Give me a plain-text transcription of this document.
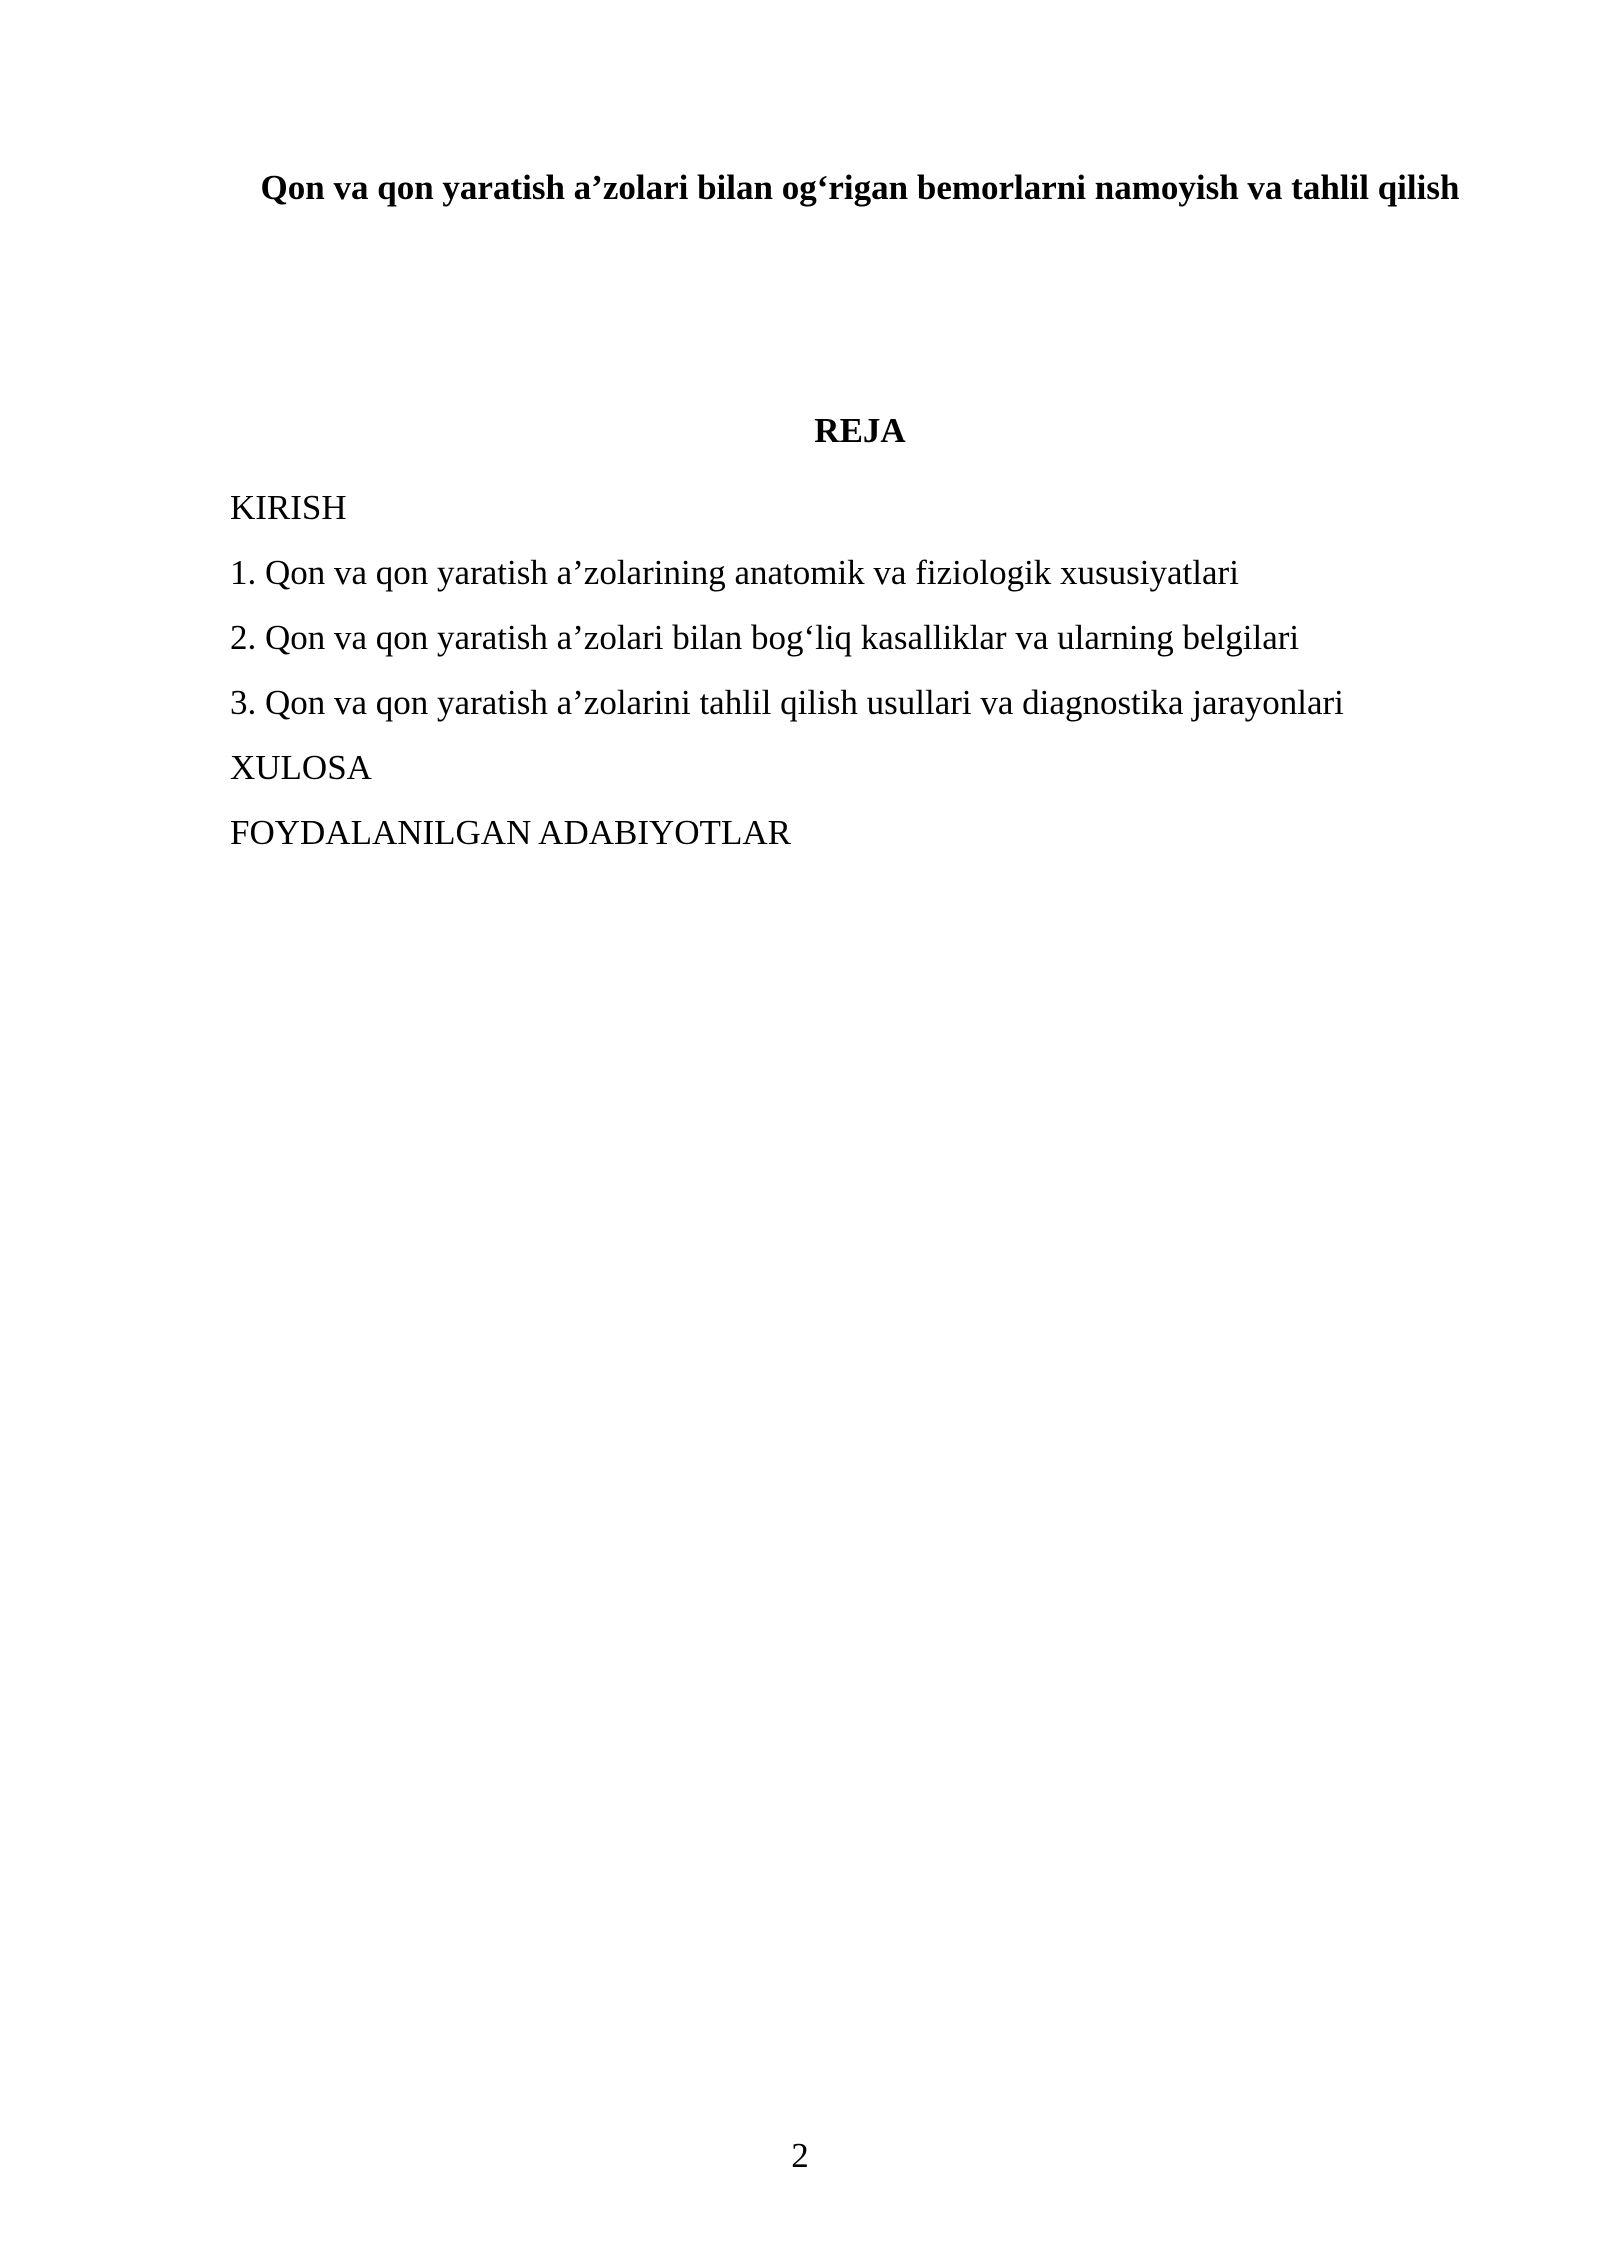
Qon va qon yaratish a’zolari bilan og‘rigan bemorlarni namoyish va tahlil qilish
REJA
KIRISH
1. Qon va qon yaratish a’zolarining anatomik va fiziologik xususiyatlari
2. Qon va qon yaratish a’zolari bilan bog‘liq kasalliklar va ularning belgilari
3. Qon va qon yaratish a’zolarini tahlil qilish usullari va diagnostika jarayonlari
XULOSA
FOYDALANILGAN ADABIYOTLAR
2
